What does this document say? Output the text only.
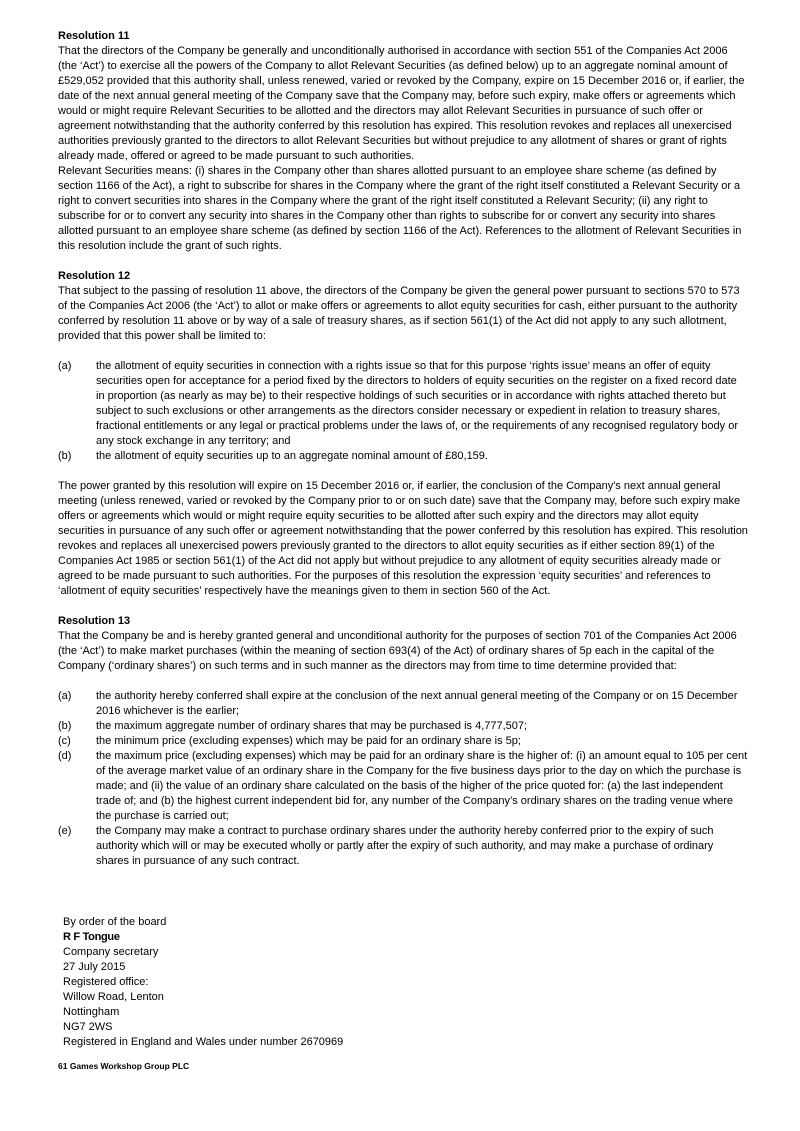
Resolution 11

That the directors of the Company be generally and unconditionally authorised in accordance with section 551 of the Companies Act 2006 (the ‘Act’) to exercise all the powers of the Company to allot Relevant Securities (as defined below) up to an aggregate nominal amount of £529,052 provided that this authority shall, unless renewed, varied or revoked by the Company, expire on 15 December 2016 or, if earlier, the date of the next annual general meeting of the Company save that the Company may, before such expiry, make offers or agreements which would or might require Relevant Securities to be allotted and the directors may allot Relevant Securities in pursuance of such offer or agreement notwithstanding that the authority conferred by this resolution has expired. This resolution revokes and replaces all unexercised authorities previously granted to the directors to allot Relevant Securities but without prejudice to any allotment of shares or grant of rights already made, offered or agreed to be made pursuant to such authorities.

Relevant Securities means: (i) shares in the Company other than shares allotted pursuant to an employee share scheme (as defined by section 1166 of the Act), a right to subscribe for shares in the Company where the grant of the right itself constituted a Relevant Security or a right to convert securities into shares in the Company where the grant of the right itself constituted a Relevant Security; (ii) any right to subscribe for or to convert any security into shares in the Company other than rights to subscribe for or convert any security into shares allotted pursuant to an employee share scheme (as defined by section 1166 of the Act). References to the allotment of Relevant Securities in this resolution include the grant of such rights.

Resolution 12

That subject to the passing of resolution 11 above, the directors of the Company be given the general power pursuant to sections 570 to 573 of the Companies Act 2006 (the ‘Act’) to allot or make offers or agreements to allot equity securities for cash, either pursuant to the authority conferred by resolution 11 above or by way of a sale of treasury shares, as if section 561(1) of the Act did not apply to any such allotment, provided that this power shall be limited to:

(a)	the allotment of equity securities in connection with a rights issue so that for this purpose ‘rights issue’ means an offer of equity securities open for acceptance for a period fixed by the directors to holders of equity securities on the register on a fixed record date in proportion (as nearly as may be) to their respective holdings of such securities or in accordance with rights attached thereto but subject to such exclusions or other arrangements as the directors consider necessary or expedient in relation to treasury shares, fractional entitlements or any legal or practical problems under the laws of, or the requirements of any recognised regulatory body or any stock exchange in any territory; and
(b)	the allotment of equity securities up to an aggregate nominal amount of £80,159.

The power granted by this resolution will expire on 15 December 2016 or, if earlier, the conclusion of the Company's next annual general meeting (unless renewed, varied or revoked by the Company prior to or on such date) save that the Company may, before such expiry make offers or agreements which would or might require equity securities to be allotted after such expiry and the directors may allot equity securities in pursuance of any such offer or agreement notwithstanding that the power conferred by this resolution has expired. This resolution revokes and replaces all unexercised powers previously granted to the directors to allot equity securities as if either section 89(1) of the Companies Act 1985 or section 561(1) of the Act did not apply but without prejudice to any allotment of equity securities already made or agreed to be made pursuant to such authorities. For the purposes of this resolution the expression ‘equity securities’ and references to ‘allotment of equity securities’ respectively have the meanings given to them in section 560 of the Act.

Resolution 13

That the Company be and is hereby granted general and unconditional authority for the purposes of section 701 of the Companies Act 2006 (the ‘Act’) to make market purchases (within the meaning of section 693(4) of the Act) of ordinary shares of 5p each in the capital of the Company (‘ordinary shares’) on such terms and in such manner as the directors may from time to time determine provided that:

(a)	the authority hereby conferred shall expire at the conclusion of the next annual general meeting of the Company or on 15 December 2016 whichever is the earlier;
(b)	the maximum aggregate number of ordinary shares that may be purchased is 4,777,507;
(c)	the minimum price (excluding expenses) which may be paid for an ordinary share is 5p;
(d)	the maximum price (excluding expenses) which may be paid for an ordinary share is the higher of: (i) an amount equal to 105 per cent of the average market value of an ordinary share in the Company for the five business days prior to the day on which the purchase is made; and (ii) the value of an ordinary share calculated on the basis of the higher of the price quoted for: (a) the last independent trade of; and (b) the highest current independent bid for, any number of the Company’s ordinary shares on the trading venue where the purchase is carried out;
(e)	the Company may make a contract to purchase ordinary shares under the authority hereby conferred prior to the expiry of such authority which will or may be executed wholly or partly after the expiry of such authority, and may make a purchase of ordinary shares in pursuance of any such contract.
By order of the board
R F Tongue
Company secretary
27 July 2015
Registered office:
Willow Road, Lenton
Nottingham
NG7 2WS
Registered in England and Wales under number 2670969
61 Games Workshop Group PLC
